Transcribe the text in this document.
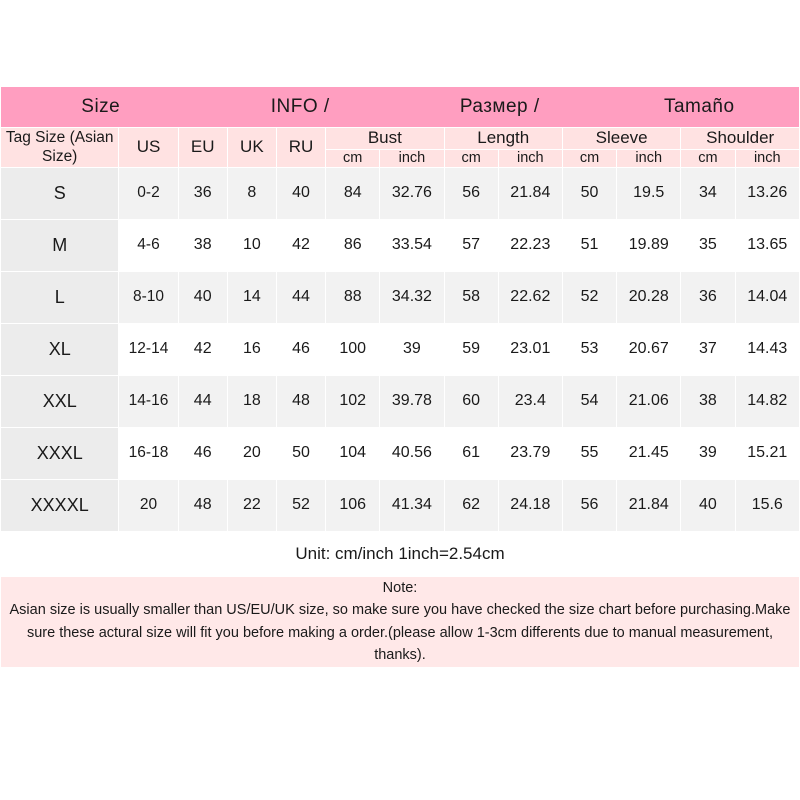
Size INFO / Размер / Tamaño												

Tag Size (Asian Size)	US	EU	UK	RU	Bust		Length		Sleeve		Shoulder	
					cm	inch	cm	inch	cm	inch	cm	inch
S	0-2	36	8	40	84	32.76	56	21.84	50	19.5	34	13.26
M	4-6	38	10	42	86	33.54	57	22.23	51	19.89	35	13.65
L	8-10	40	14	44	88	34.32	58	22.62	52	20.28	36	14.04
XL	12-14	42	16	46	100	39	59	23.01	53	20.67	37	14.43
XXL	14-16	44	18	48	102	39.78	60	23.4	54	21.06	38	14.82
XXXL	16-18	46	20	50	104	40.56	61	23.79	55	21.45	39	15.21
XXXXL	20	48	22	52	106	41.34	62	24.18	56	21.84	40	15.6
Unit: cm/inch 1inch=2.54cm												

Note:
Asian size is usually smaller than US/EU/UK size, so make sure you have checked the size chart before purchasing.Make sure these actural size will fit you before making a order.(please allow 1-3cm differents due to manual measurement, thanks).												
